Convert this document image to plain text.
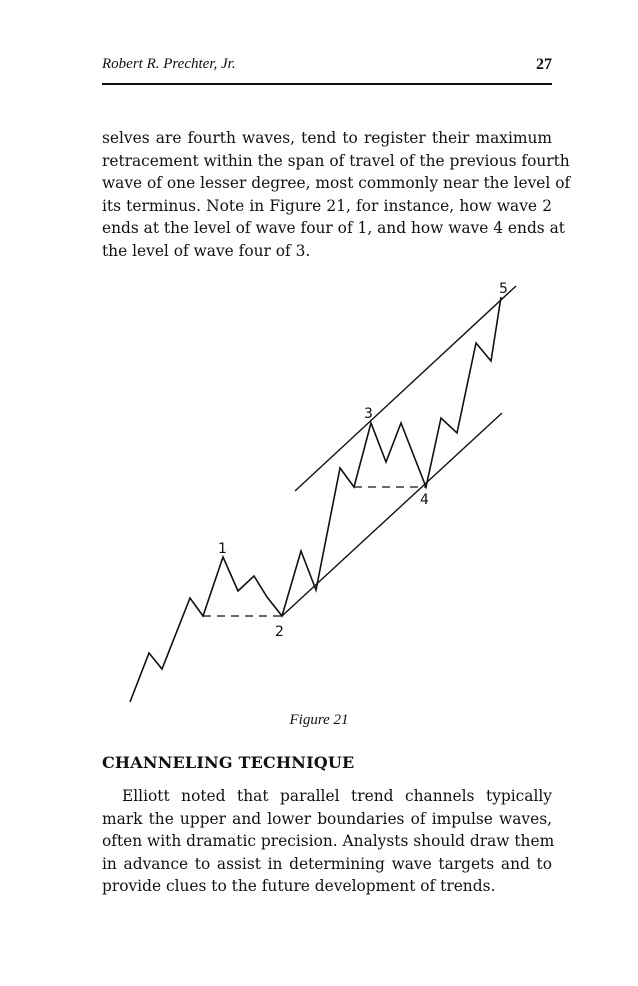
Robert R. Prechter, Jr.	27
selves are fourth waves, tend to register their maximum
retracement within the span of travel of the previous fourth
wave of one lesser degree, most commonly near the level of
its terminus. Note in Figure 21, for instance, how wave 2
ends at the level of wave four of 1, and how wave 4 ends at
the level of wave four of 3.
1
2
3
4
5
Figure 21
CHANNELING TECHNIQUE
Elliott noted that parallel trend channels typically
mark the upper and lower boundaries of impulse waves,
often with dramatic precision. Analysts should draw them
in advance to assist in determining wave targets and to
provide clues to the future development of trends.
